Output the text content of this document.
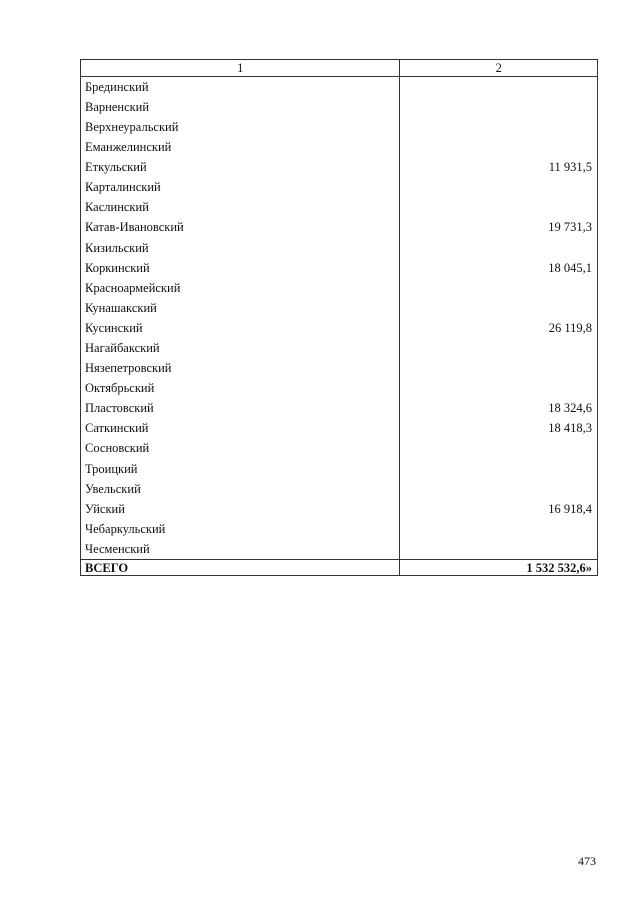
1	2
Брединский	
Варненский	
Верхнеуральский	
Еманжелинский	
Еткульский	11 931,5
Карталинский	
Каслинский	
Катав-Ивановский	19 731,3
Кизильский	
Коркинский	18 045,1
Красноармейский	
Кунашакский	
Кусинский	26 119,8
Нагайбакский	
Нязепетровский	
Октябрьский	
Пластовский	18 324,6
Саткинский	18 418,3
Сосновский	
Троицкий	
Увельский	
Уйский	16 918,4
Чебаркульский	
Чесменский	
ВСЕГО	1 532 532,6»
473
